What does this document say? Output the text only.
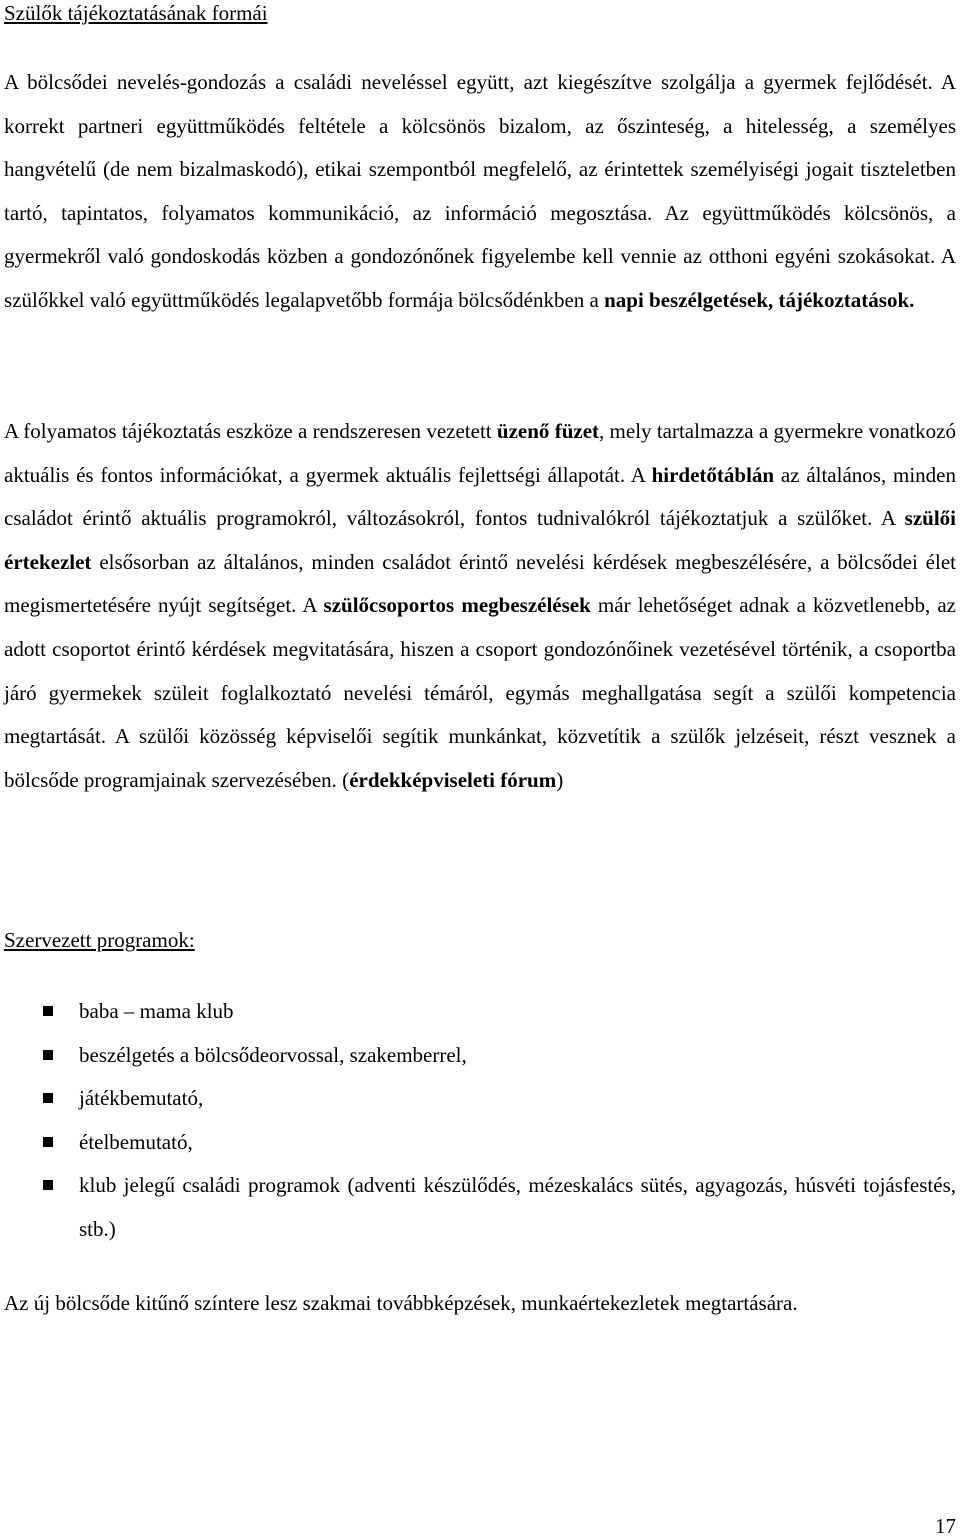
Szülők tájékoztatásának formái

A bölcsődei nevelés-gondozás a családi neveléssel együtt, azt kiegészítve szolgálja a gyermek fejlődését. A korrekt partneri együttműködés feltétele a kölcsönös bizalom, az őszinteség, a hitelesség, a személyes hangvételű (de nem bizalmaskodó), etikai szempontból megfelelő, az érintettek személyiségi jogait tiszteletben tartó, tapintatos, folyamatos kommunikáció, az információ megosztása. Az együttműködés kölcsönös, a gyermekről való gondoskodás közben a gondozónőnek figyelembe kell vennie az otthoni egyéni szokásokat. A szülőkkel való együttműködés legalapvetőbb formája bölcsődénkben a napi beszélgetések, tájékoztatások.

A folyamatos tájékoztatás eszköze a rendszeresen vezetett üzenő füzet, mely tartalmazza a gyermekre vonatkozó aktuális és fontos információkat, a gyermek aktuális fejlettségi állapotát. A hirdetőtáblán az általános, minden családot érintő aktuális programokról, változásokról, fontos tudnivalókról tájékoztatjuk a szülőket. A szülői értekezlet elsősorban az általános, minden családot érintő nevelési kérdések megbeszélésére, a bölcsődei élet megismertetésére nyújt segítséget. A szülőcsoportos megbeszélések már lehetőséget adnak a közvetlenebb, az adott csoportot érintő kérdések megvitatására, hiszen a csoport gondozónőinek vezetésével történik, a csoportba járó gyermekek szüleit foglalkoztató nevelési témáról, egymás meghallgatása segít a szülői kompetencia megtartását. A szülői közösség képviselői segítik munkánkat, közvetítik a szülők jelzéseit, részt vesznek a bölcsőde programjainak szervezésében. (érdekképviseleti fórum)

Szervezett programok:
baba – mama klub
beszélgetés a bölcsődeorvossal, szakemberrel,
játékbemutató,
ételbemutató,
klub jelegű családi programok (adventi készülődés, mézeskalács sütés, agyagozás, húsvéti tojásfestés, stb.)

Az új bölcsőde kitűnő színtere lesz szakmai továbbképzések, munkaértekezletek megtartására.

17
